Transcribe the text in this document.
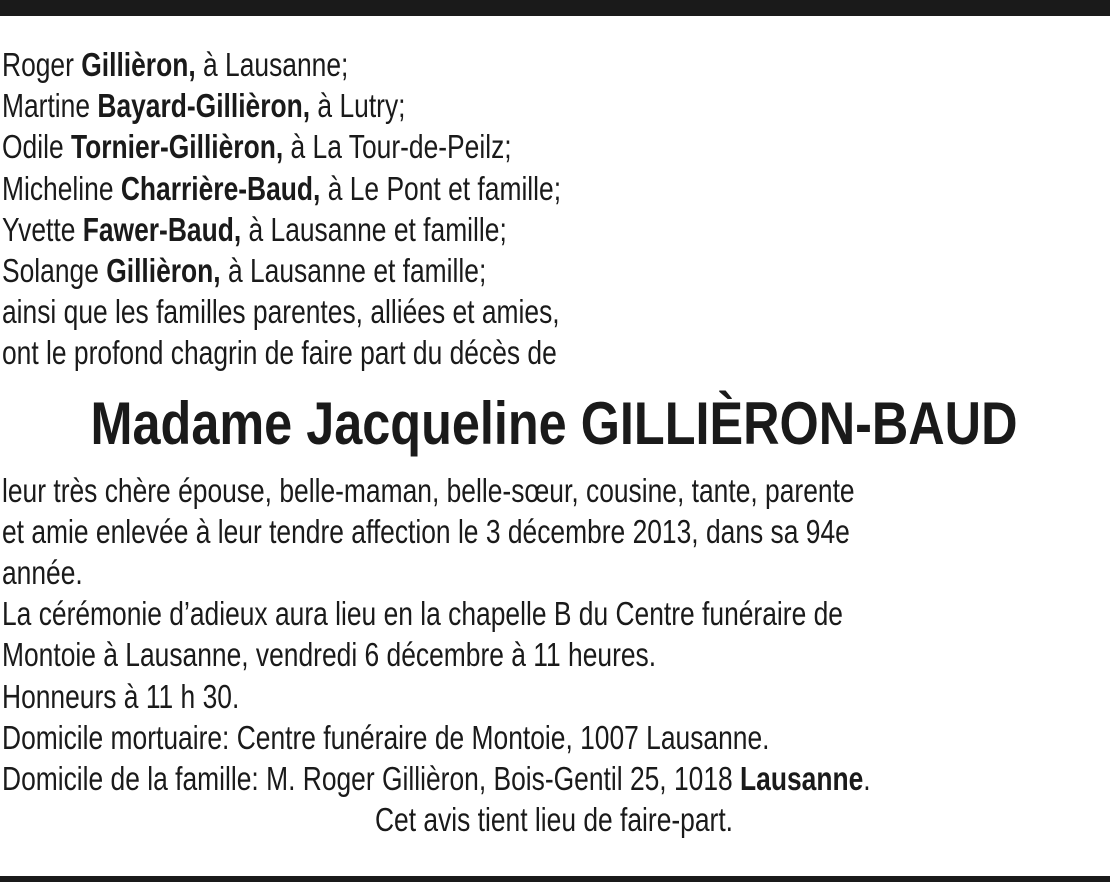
Roger Gillièron, à Lausanne;
Martine Bayard-Gillièron, à Lutry;
Odile Tornier-Gillièron, à La Tour-de-Peilz;
Micheline Charrière-Baud, à Le Pont et famille;
Yvette Fawer-Baud, à Lausanne et famille;
Solange Gillièron, à Lausanne et famille;
ainsi que les familles parentes, alliées et amies,
ont le profond chagrin de faire part du décès de
Madame Jacqueline GILLIÈRON-BAUD
leur très chère épouse, belle-maman, belle-sœur, cousine, tante, parente
et amie enlevée à leur tendre affection le 3 décembre 2013, dans sa 94e
année.
La cérémonie d’adieux aura lieu en la chapelle B du Centre funéraire de
Montoie à Lausanne, vendredi 6 décembre à 11 heures.
Honneurs à 11 h 30.
Domicile mortuaire: Centre funéraire de Montoie, 1007 Lausanne.
Domicile de la famille: M. Roger Gillièron, Bois-Gentil 25, 1018 Lausanne.
Cet avis tient lieu de faire-part.
